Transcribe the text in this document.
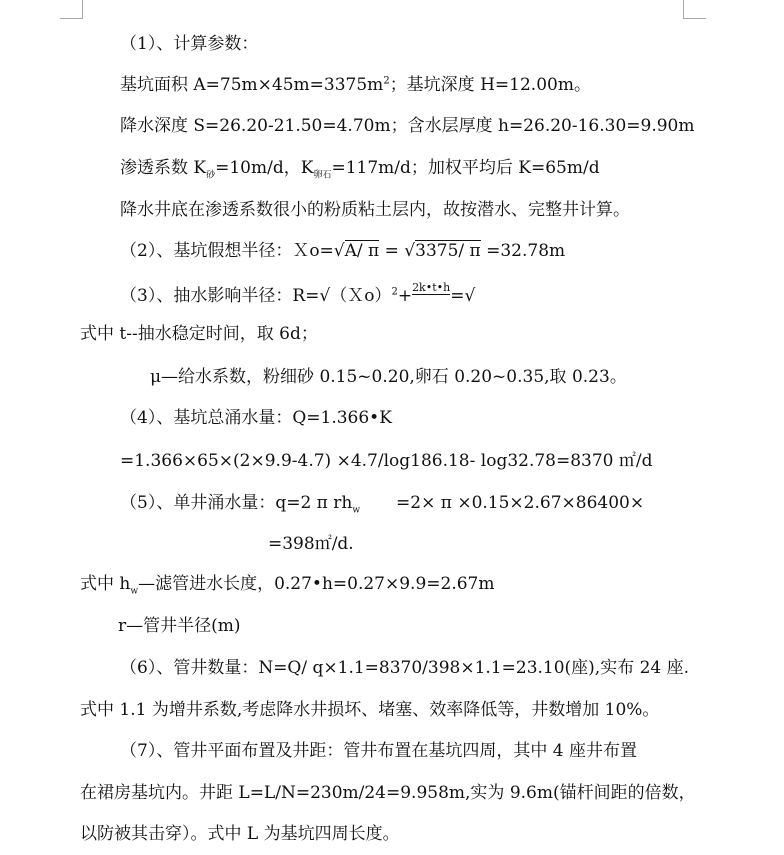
（1）、计算参数：
基坑面积 $A=75m\times 45m=3375m^2$；基坑深度 H=12.00m。
降水深度 S=26.20-21.50=4.70m；含水层厚度 h=26.20-16.30=9.90m
渗透系数 $K_砂=10m/d$，$K_{卵石}=117m/d$；加权平均后 K=65m/d
降水井底在渗透系数很小的粉质粘土层内，故按潜水、完整井计算。
（2）、基坑假想半径：Ｘo=√A/ π = √3375/ π =32.78m
（3）、抽水影响半径：R=√（Ｘo）$^2$+$^{2k•t•h}$=√
式中 t--抽水稳定时间，取 6d；
μ—给水系数，粉细砂 0.15~0.20,卵石 0.20~0.35,取 0.23。
（4）、基坑总涌水量：Q=1.366•K
=1.366×65×(2×9.9-4.7) ×4.7/log186.18- log32.78=8370 ㎡/d
（5）、单井涌水量：q=2 π $rh_w =2\times \pi \times 0.15\times 2.67\times 86400\times$
=398㎡/d.
式中 $h_w—$滤管进水长度，0.27•h=0.27×9.9=2.67m
r—管井半径(m)
（6）、管井数量：N=Q/ q×1.1=8370/398×1.1=23.10(座),实布 24 座.
式中 1.1 为增井系数,考虑降水井损坏、堵塞、效率降低等，井数增加 10%。
（7）、管井平面布置及井距：管井布置在基坑四周，其中 4 座井布置
在裙房基坑内。井距 L=L/N=230m/24=9.958m,实为 9.6m(锚杆间距的倍数，
以防被其击穿）。式中 L 为基坑四周长度。
